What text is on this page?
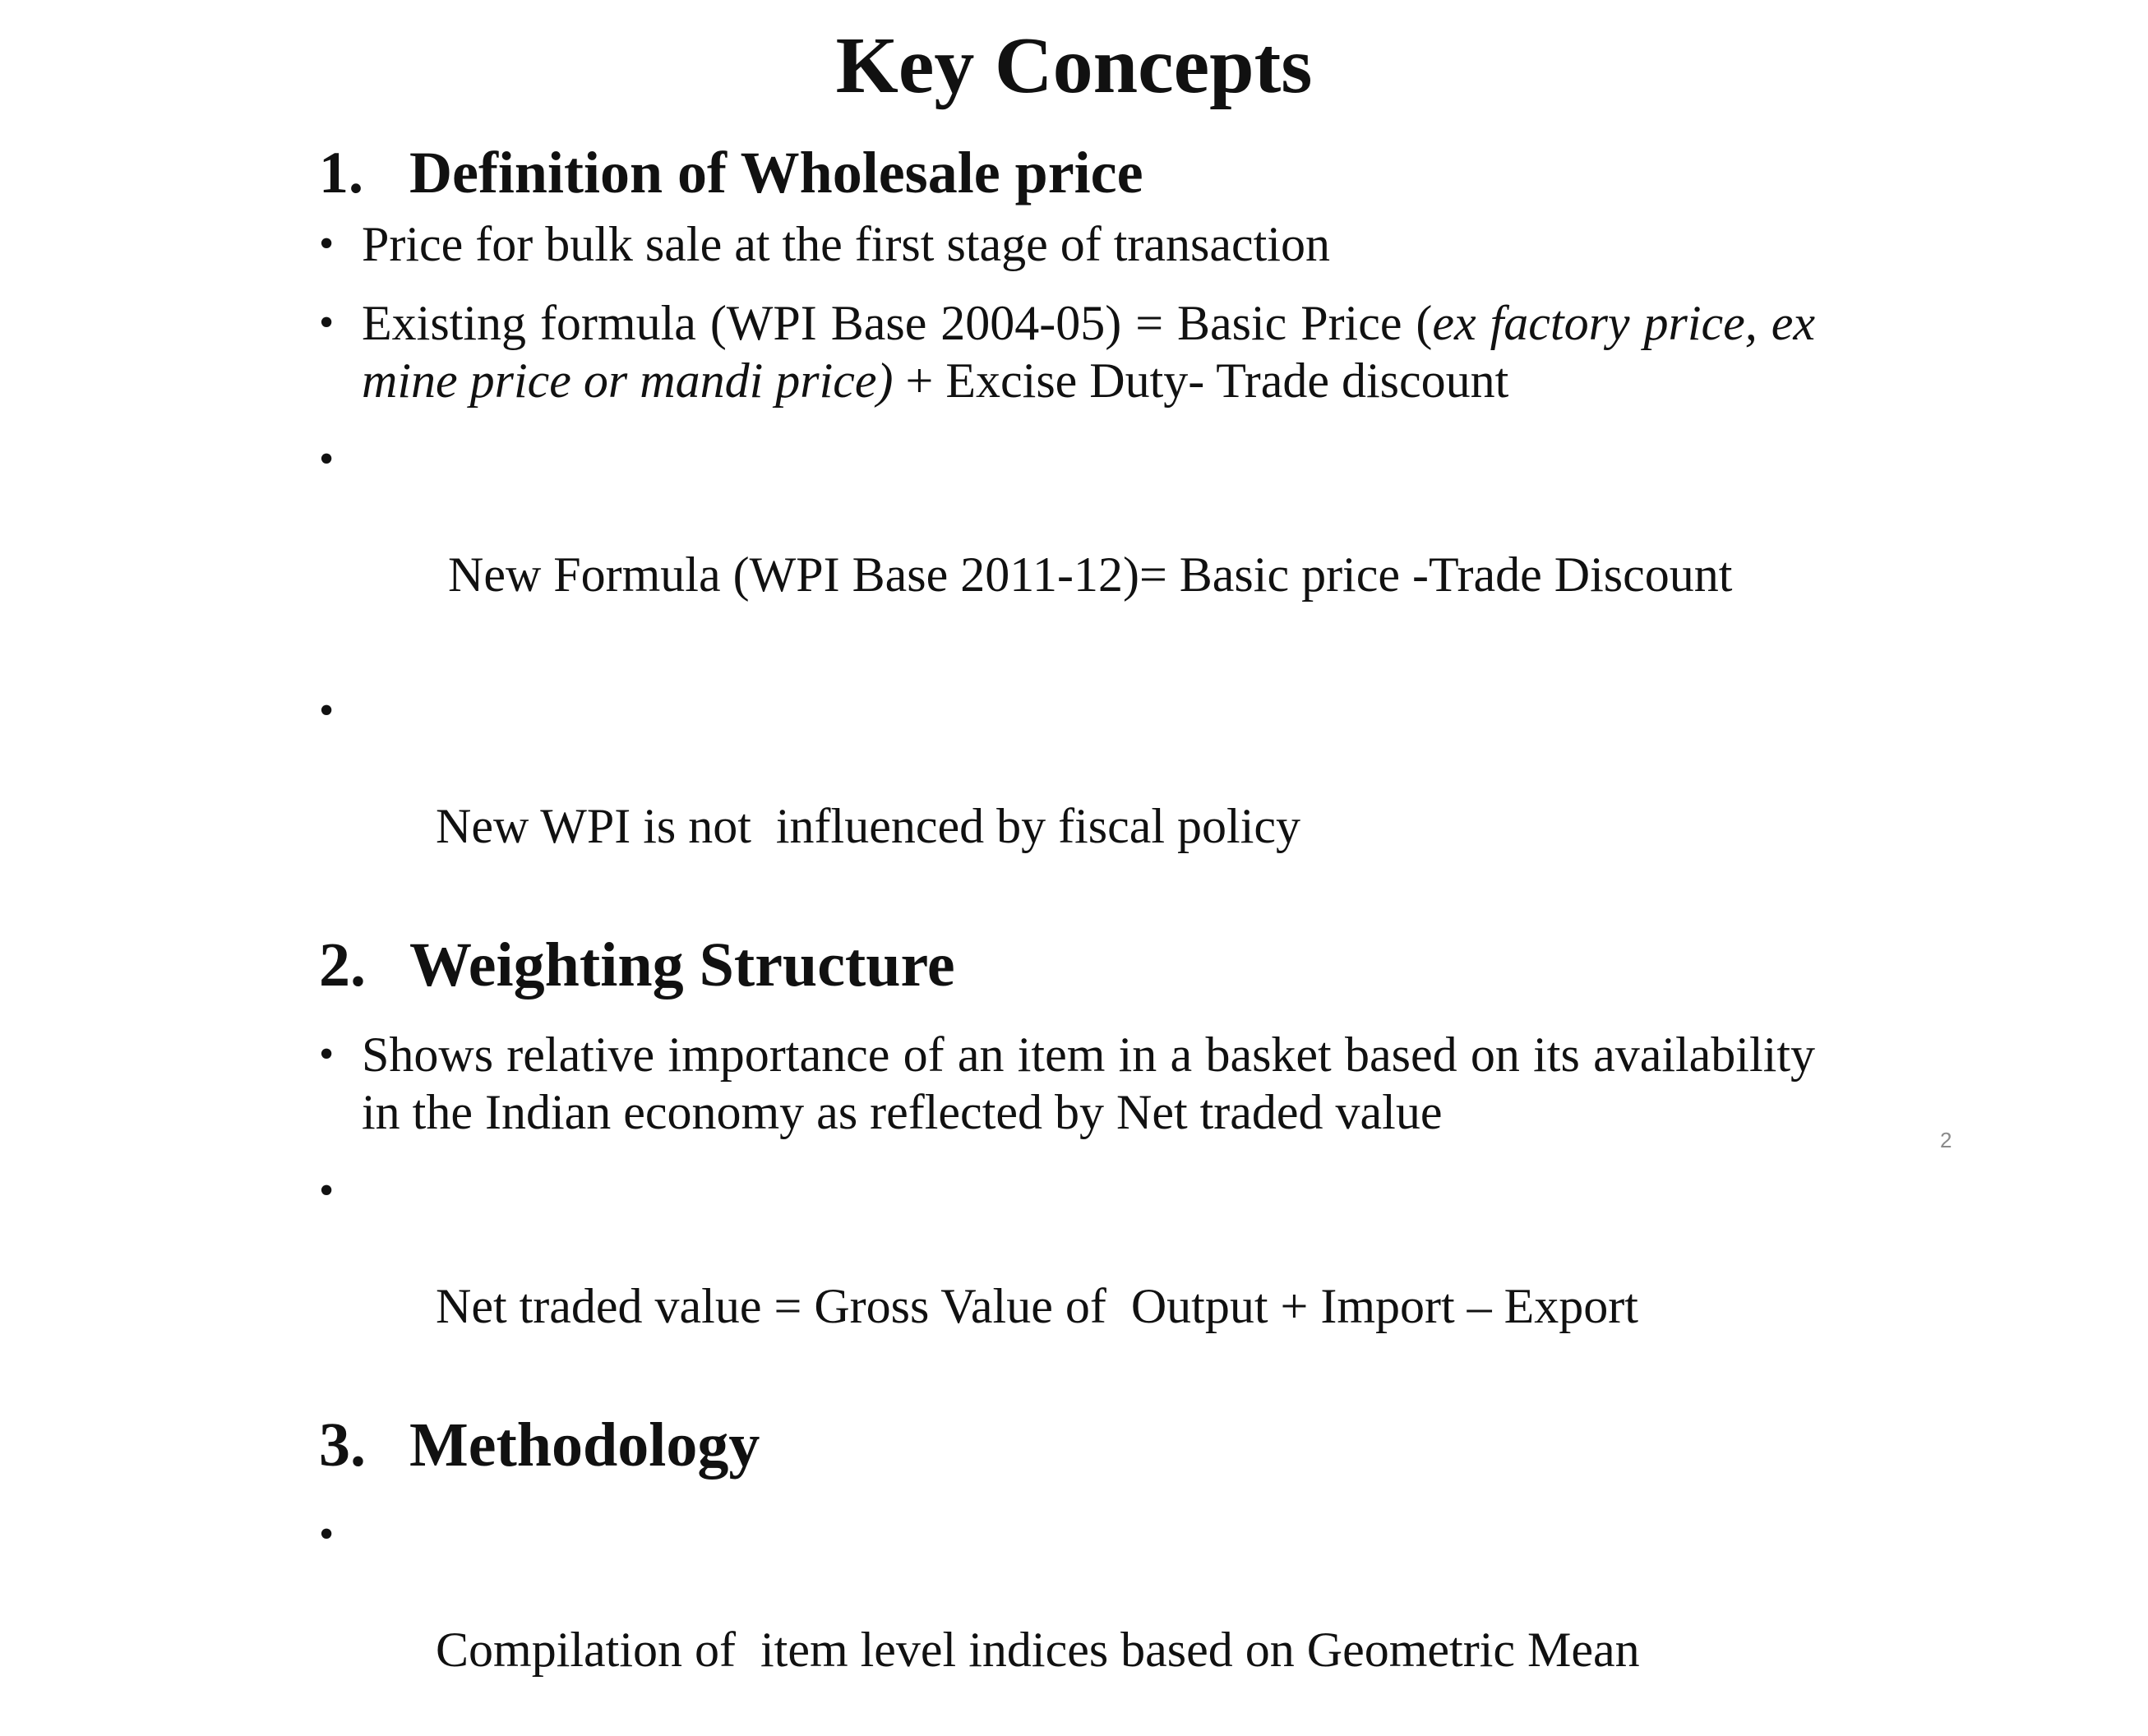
Key Concepts
1. Definition of Wholesale price
• Price for bulk sale at the first stage of transaction
• Existing formula (WPI Base 2004-05) = Basic Price (ex factory price, ex mine price or mandi price) + Excise Duty- Trade discount

•

New Formula (WPI Base 2011-12)= Basic price -Trade Discount

•

New WPI is not  influenced by fiscal policy

2. Weighting Structure
• Shows relative importance of an item in a basket based on its availability in the Indian economy as reflected by Net traded value

•

Net traded value = Gross Value of  Output + Import – Export

3. Methodology

•

Compilation of  item level indices based on Geometric Mean

2
